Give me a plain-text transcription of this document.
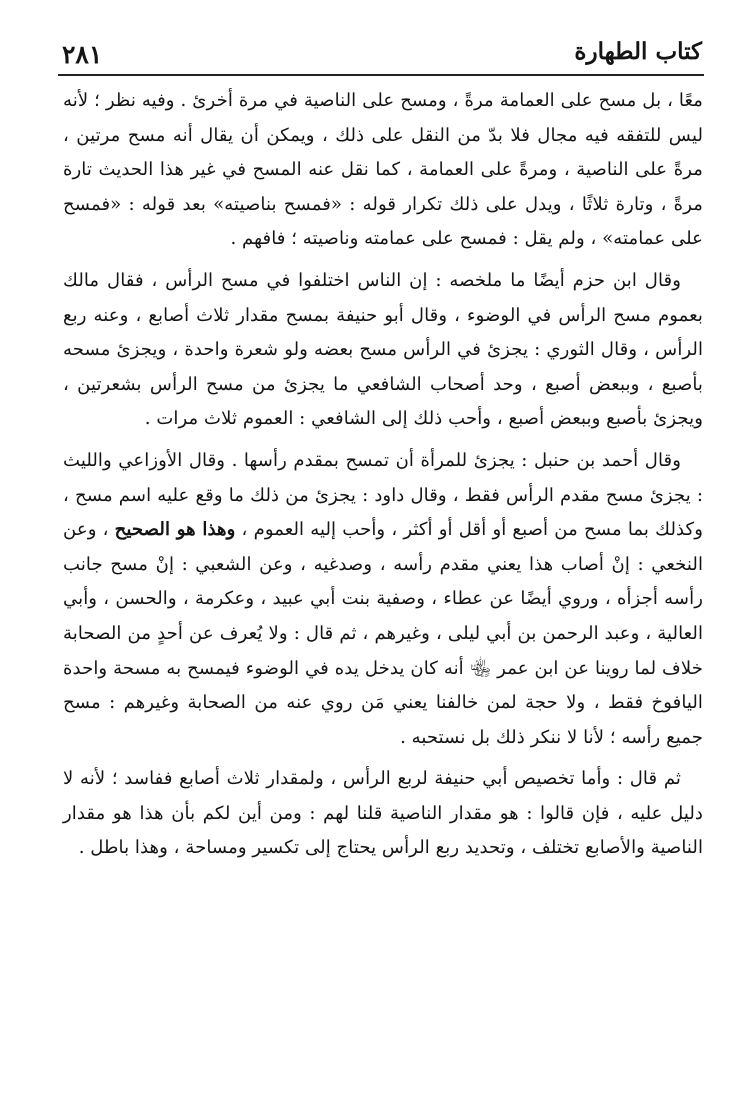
٢٨١	كتاب الطهارة

معًا ، بل مسح على العمامة مرةً ، ومسح على الناصية في مرة أخرئ . وفيه نظر ؛ لأنه ليس للتفقه فيه مجال فلا بدّ من النقل على ذلك ، ويمكن أن يقال أنه مسح مرتين ، مرةً على الناصية ، ومرةً على العمامة ، كما نقل عنه المسح في غير هذا الحديث تارة مرةً ، وتارة ثلاثًا ، ويدل على ذلك تكرار قوله : «فمسح بناصيته» بعد قوله : «فمسح على عمامته» ، ولم يقل : فمسح على عمامته وناصيته ؛ فافهم .

وقال ابن حزم أيضًا ما ملخصه : إن الناس اختلفوا في مسح الرأس ، فقال مالك بعموم مسح الرأس في الوضوء ، وقال أبو حنيفة بمسح مقدار ثلاث أصابع ، وعنه ربع الرأس ، وقال الثوري : يجزئ في الرأس مسح بعضه ولو شعرة واحدة ، ويجزئ مسحه بأصبع ، وببعض أصبع ، وحد أصحاب الشافعي ما يجزئ من مسح الرأس بشعرتين ، ويجزئ بأصبع وببعض أصبع ، وأحب ذلك إلى الشافعي : العموم ثلاث مرات .

وقال أحمد بن حنبل : يجزئ للمرأة أن تمسح بمقدم رأسها . وقال الأوزاعي والليث : يجزئ مسح مقدم الرأس فقط ، وقال داود : يجزئ من ذلك ما وقع عليه اسم مسح ، وكذلك بما مسح من أصبع أو أقل أو أكثر ، وأحب إليه العموم ، وهذا هو الصحيح ، وعن النخعي : إنْ أصاب هذا يعني مقدم رأسه ، وصدغيه ، وعن الشعبي : إنْ مسح جانب رأسه أجزأه ، وروي أيضًا عن عطاء ، وصفية بنت أبي عبيد ، وعكرمة ، والحسن ، وأبي العالية ، وعبد الرحمن بن أبي ليلى ، وغيرهم ، ثم قال : ولا يُعرف عن أحدٍ من الصحابة خلاف لما روينا عن ابن عمر ﵄ أنه كان يدخل يده في الوضوء فيمسح به مسحة واحدة اليافوخ فقط ، ولا حجة لمن خالفنا يعني مَن روي عنه من الصحابة وغيرهم : مسح جميع رأسه ؛ لأنا لا ننكر ذلك بل نستحبه .

ثم قال : وأما تخصيص أبي حنيفة لربع الرأس ، ولمقدار ثلاث أصابع ففاسد ؛ لأنه لا دليل عليه ، فإن قالوا : هو مقدار الناصية قلنا لهم : ومن أين لكم بأن هذا هو مقدار الناصية والأصابع تختلف ، وتحديد ربع الرأس يحتاج إلى تكسير ومساحة ، وهذا باطل .
